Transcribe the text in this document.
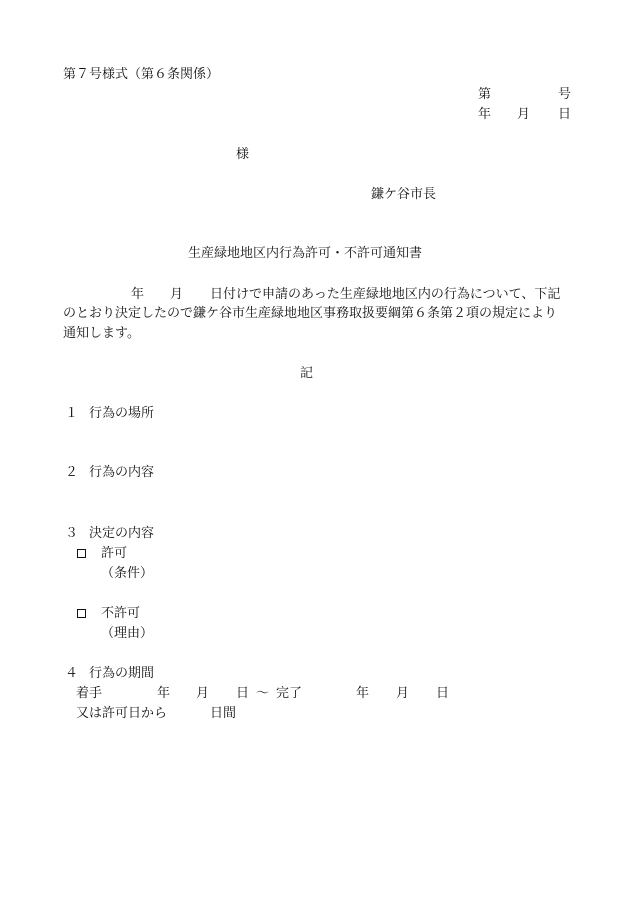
第７号様式（第６条関係）
第	号
年 月 日
様
鎌ケ谷市長
生産緑地地区内行為許可・不許可通知書
年 月 日付けで申請のあった生産緑地地区内の行為について、下記
のとおり決定したので鎌ケ谷市生産緑地地区事務取扱要綱第６条第２項の規定により
通知します。
記
１ 行為の場所
２ 行為の内容
３ 決定の内容
許可
（条件）
不許可
（理由）
４ 行為の期間
着手	年 月 日 ～ 完了	年 月 日
又は許可日から	日間
